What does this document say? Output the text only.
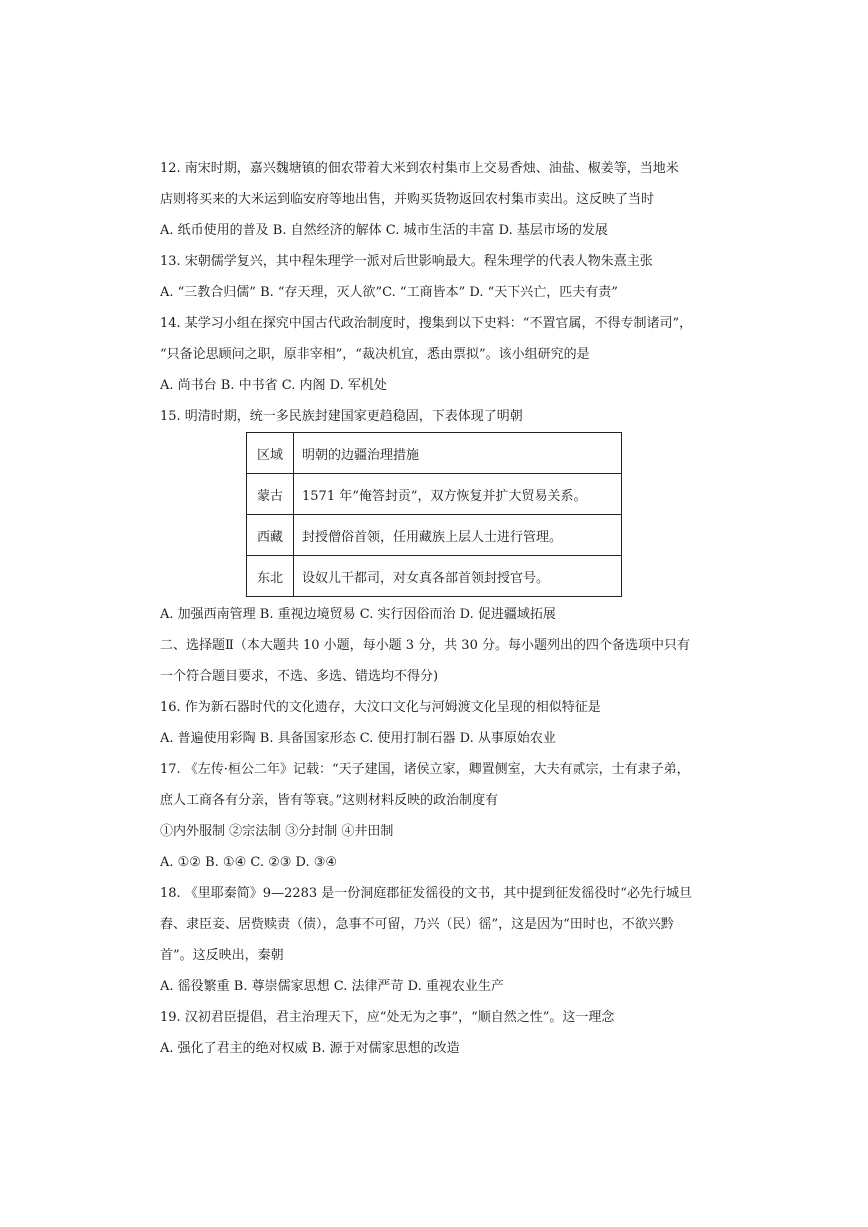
12. 南宋时期，嘉兴魏塘镇的佃农带着大米到农村集市上交易香烛、油盐、椒姜等，当地米
店则将买来的大米运到临安府等地出售，并购买货物返回农村集市卖出。这反映了当时
A. 纸币使用的普及 B. 自然经济的解体 C. 城市生活的丰富 D. 基层市场的发展
13. 宋朝儒学复兴，其中程朱理学一派对后世影响最大。程朱理学的代表人物朱熹主张
A. “三教合归儒” B. “存天理，灭人欲”C. “工商皆本” D. “天下兴亡，匹夫有责”
14. 某学习小组在探究中国古代政治制度时，搜集到以下史料：“不置官属，不得专制诸司”，
“只备论思顾问之职，原非宰相”，“裁决机宜，悉由票拟”。该小组研究的是
A. 尚书台 B. 中书省 C. 内阁 D. 军机处
15. 明清时期，统一多民族封建国家更趋稳固，下表体现了明朝
区域	明朝的边疆治理措施
蒙古	1571 年“俺答封贡”，双方恢复并扩大贸易关系。
西藏	封授僧俗首领，任用藏族上层人士进行管理。
东北	设奴儿干都司，对女真各部首领封授官号。
A. 加强西南管理 B. 重视边境贸易 C. 实行因俗而治 D. 促进疆域拓展
二、选择题Ⅱ（本大题共 10 小题，每小题 3 分，共 30 分。每小题列出的四个备选项中只有
一个符合题目要求，不选、多选、错选均不得分)
16. 作为新石器时代的文化遗存，大汶口文化与河姆渡文化呈现的相似特征是
A. 普遍使用彩陶 B. 具备国家形态 C. 使用打制石器 D. 从事原始农业
17. 《左传·桓公二年》记载：“天子建国，诸侯立家，卿置侧室，大夫有贰宗，士有隶子弟，
庶人工商各有分亲，皆有等衰。”这则材料反映的政治制度有
①内外服制 ②宗法制 ③分封制 ④井田制
A. ①② B. ①④ C. ②③ D. ③④
18. 《里耶秦简》9—2283 是一份洞庭郡征发徭役的文书，其中提到征发徭役时“必先行城旦
舂、隶臣妾、居赀赎责（债），急事不可留，乃兴（民）徭”，这是因为“田时也，不欲兴黔
首”。这反映出，秦朝
A. 徭役繁重 B. 尊崇儒家思想 C. 法律严苛 D. 重视农业生产
19. 汉初君臣提倡，君主治理天下，应“处无为之事”，“顺自然之性”。这一理念
A. 强化了君主的绝对权威 B. 源于对儒家思想的改造
